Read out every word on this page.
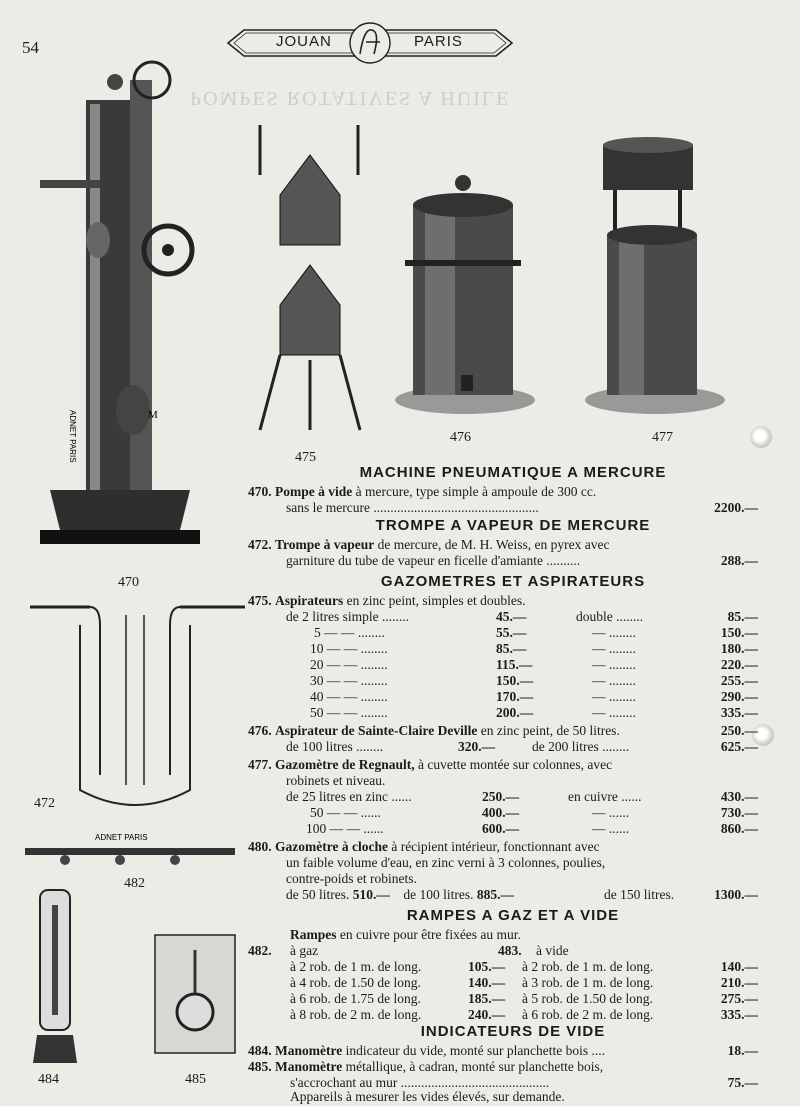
54	JOUAN	PARIS
POMPES ROTATIVES A HUILE
M
ADNET PARIS
ADNET PARIS
470
472
475
476	477
482
484	485
MACHINE PNEUMATIQUE A MERCURE
470. Pompe à vide à mercure, type simple à ampoule de 300 cc.
sans le mercure .................................................	2200.—
TROMPE A VAPEUR DE MERCURE
472. Trompe à vapeur de mercure, de M. H. Weiss, en pyrex avec
garniture du tube de vapeur en ficelle d'amiante ..........	288.—
GAZOMETRES ET ASPIRATEURS
475. Aspirateurs en zinc peint, simples et doubles.
de 2 litres simple ........	45.—	double ........	85.—
5 — — ........	55.—	— ........	150.—
10 — — ........	85.—	— ........	180.—
20 — — ........	115.—	— ........	220.—
30 — — ........	150.—	— ........	255.—
40 — — ........	170.—	— ........	290.—
50 — — ........	200.—	— ........	335.—
476. Aspirateur de Sainte-Claire Deville en zinc peint, de 50 litres.	250.—
de 100 litres ........	320.—	de 200 litres ........	625.—
477. Gazomètre de Regnault, à cuvette montée sur colonnes, avec
robinets et niveau.
de 25 litres en zinc ......	250.—	en cuivre ......	430.—
50 — — ......	400.—	— ......	730.—
100 — — ......	600.—	— ......	860.—
480. Gazomètre à cloche à récipient intérieur, fonctionnant avec
un faible volume d'eau, en zinc verni à 3 colonnes, poulies,
contre-poids et robinets.
de 50 litres. 510.— de 100 litres. 885.—	de 150 litres.	1300.—
RAMPES A GAZ ET A VIDE
Rampes en cuivre pour être fixées au mur.
482. à gaz	483. à vide
à 2 rob. de 1 m. de long.	105.— à 2 rob. de 1 m. de long.	140.—
à 4 rob. de 1.50 de long.	140.— à 3 rob. de 1 m. de long.	210.—
à 6 rob. de 1.75 de long.	185.— à 5 rob. de 1.50 de long.	275.—
à 8 rob. de 2 m. de long.	240.— à 6 rob. de 2 m. de long.	335.—
INDICATEURS DE VIDE
484. Manomètre indicateur du vide, monté sur planchette bois ....	18.—
485. Manomètre métallique, à cadran, monté sur planchette bois,
s'accrochant au mur ............................................	75.—
Appareils à mesurer les vides élevés, sur demande.
